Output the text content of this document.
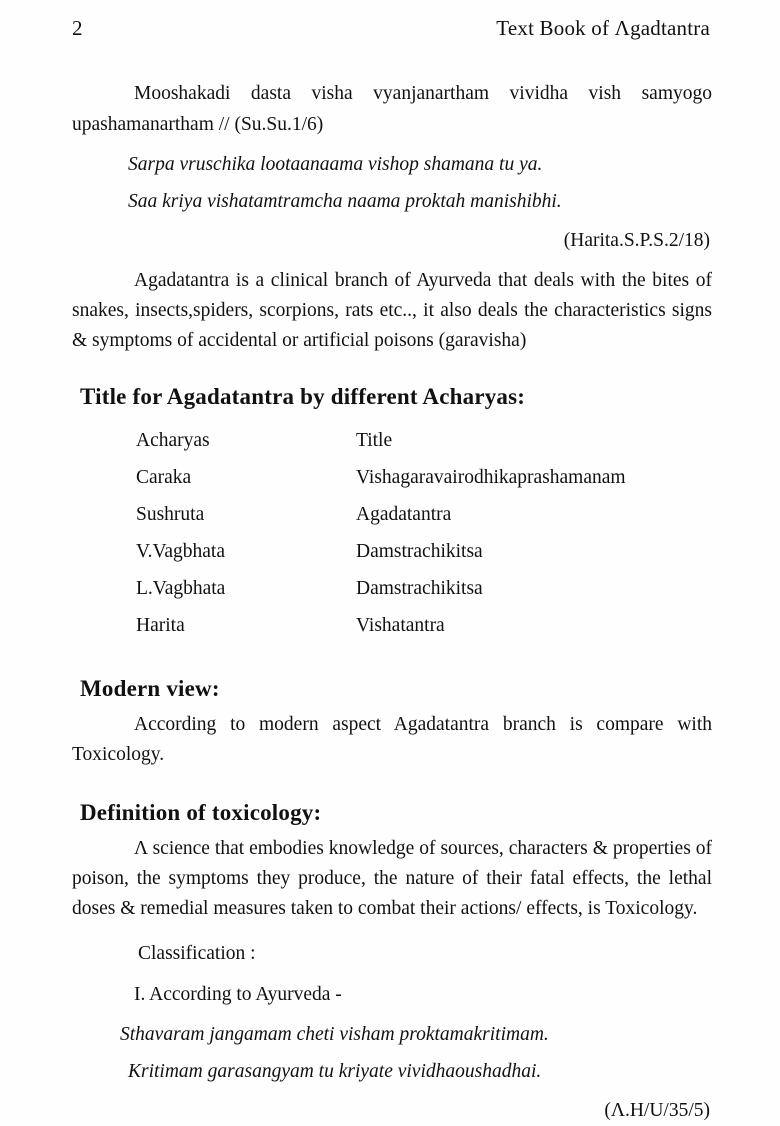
2	Text Book of Λgadtantra

Mooshakadi dasta visha vyanjanartham vividha vish samyogo upashamanartham // (Su.Su.1/6)

Sarpa vruschika lootaanaama vishop shamana tu ya.

Saa kriya vishatamtramcha naama proktah manishibhi.

(Harita.S.P.S.2/18)

Agadatantra is a clinical branch of Ayurveda that deals with the bites of snakes, insects,spiders, scorpions, rats etc.., it also deals the characteristics signs & symptoms of accidental or artificial poisons (garavisha)

Title for Agadatantra by different Acharyas:
Acharyas	Title
Caraka	Vishagaravairodhikaprashamanam
Sushruta	Agadatantra
V.Vagbhata	Damstrachikitsa
L.Vagbhata	Damstrachikitsa
Harita	Vishatantra
Modern view:

According to modern aspect Agadatantra branch is compare with Toxicology.

Definition of toxicology:

Λ science that embodies knowledge of sources, characters & properties of poison, the symptoms they produce, the nature of their fatal effects, the lethal doses & remedial measures taken to combat their actions/ effects, is Toxicology.

Classification :

I. According to Ayurveda -

Sthavaram jangamam cheti visham proktamakritimam.

Kritimam garasangyam tu kriyate vividhaoushadhai.

(Λ.H/U/35/5)
